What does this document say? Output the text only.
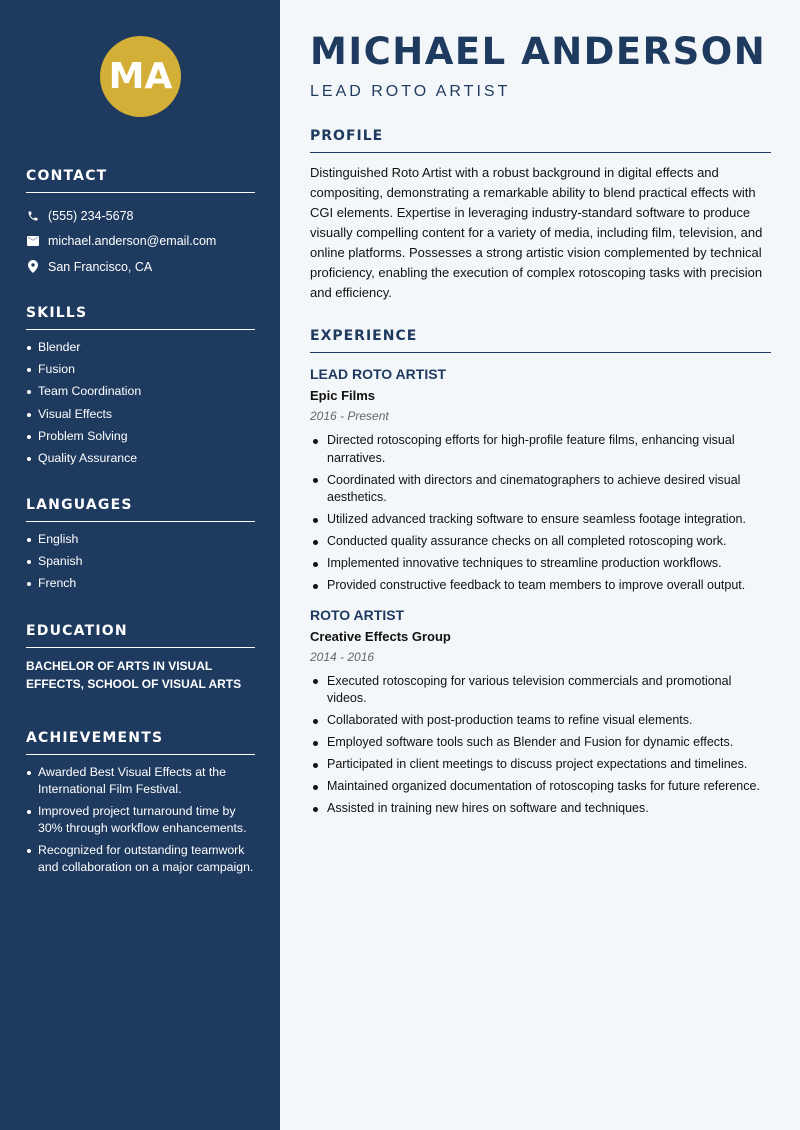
MA
CONTACT
(555) 234-5678
michael.anderson@email.com
San Francisco, CA
SKILLS
Blender
Fusion
Team Coordination
Visual Effects
Problem Solving
Quality Assurance
LANGUAGES
English
Spanish
French
EDUCATION
BACHELOR OF ARTS IN VISUAL EFFECTS, SCHOOL OF VISUAL ARTS
ACHIEVEMENTS
Awarded Best Visual Effects at the International Film Festival.
Improved project turnaround time by 30% through workflow enhancements.
Recognized for outstanding teamwork and collaboration on a major campaign.
MICHAEL ANDERSON
LEAD ROTO ARTIST
PROFILE
Distinguished Roto Artist with a robust background in digital effects and compositing, demonstrating a remarkable ability to blend practical effects with CGI elements. Expertise in leveraging industry-standard software to produce visually compelling content for a variety of media, including film, television, and online platforms. Possesses a strong artistic vision complemented by technical proficiency, enabling the execution of complex rotoscoping tasks with precision and efficiency.
EXPERIENCE
LEAD ROTO ARTIST
Epic Films
2016 - Present
Directed rotoscoping efforts for high-profile feature films, enhancing visual narratives.
Coordinated with directors and cinematographers to achieve desired visual aesthetics.
Utilized advanced tracking software to ensure seamless footage integration.
Conducted quality assurance checks on all completed rotoscoping work.
Implemented innovative techniques to streamline production workflows.
Provided constructive feedback to team members to improve overall output.
ROTO ARTIST
Creative Effects Group
2014 - 2016
Executed rotoscoping for various television commercials and promotional videos.
Collaborated with post-production teams to refine visual elements.
Employed software tools such as Blender and Fusion for dynamic effects.
Participated in client meetings to discuss project expectations and timelines.
Maintained organized documentation of rotoscoping tasks for future reference.
Assisted in training new hires on software and techniques.
